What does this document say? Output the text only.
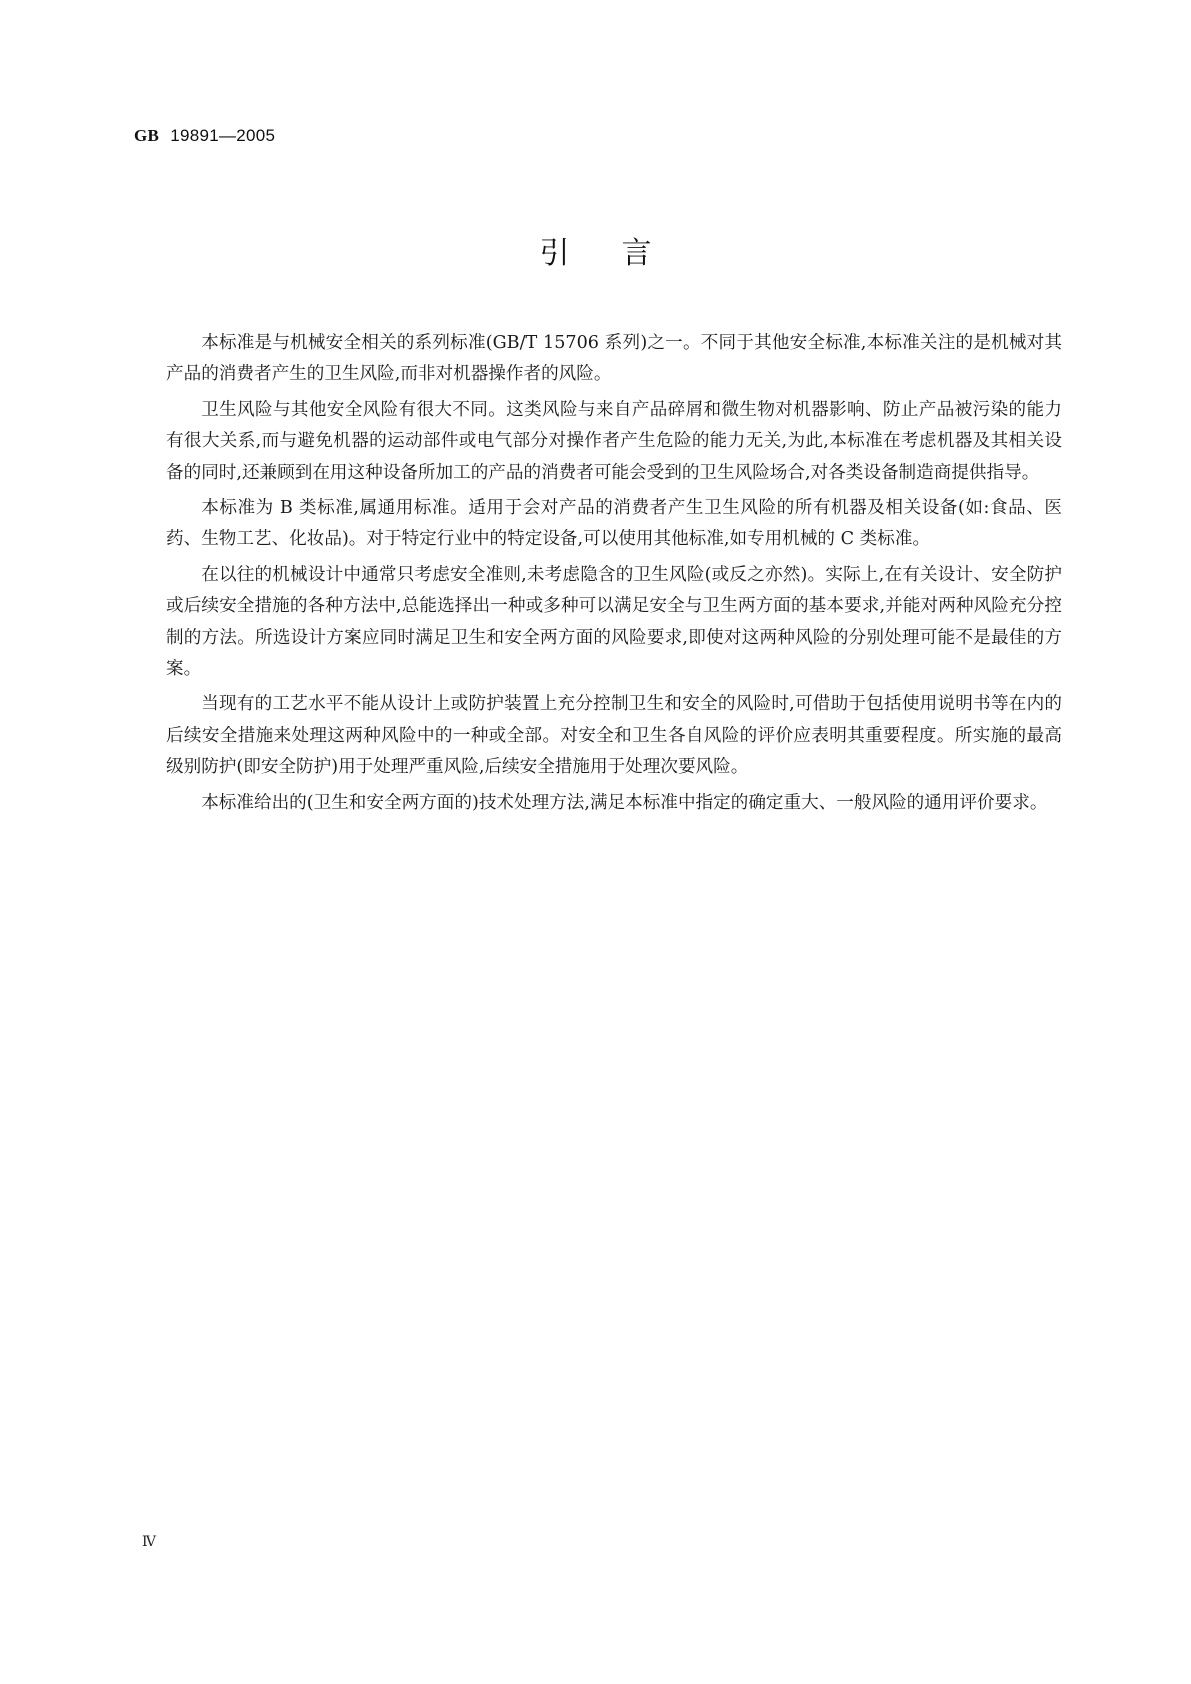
GB 19891—2005
引言

本标准是与机械安全相关的系列标准(GB/T 15706 系列)之一。不同于其他安全标准,本标准关注的是机械对其产品的消费者产生的卫生风险,而非对机器操作者的风险。

卫生风险与其他安全风险有很大不同。这类风险与来自产品碎屑和微生物对机器影响、防止产品被污染的能力有很大关系,而与避免机器的运动部件或电气部分对操作者产生危险的能力无关,为此,本标准在考虑机器及其相关设备的同时,还兼顾到在用这种设备所加工的产品的消费者可能会受到的卫生风险场合,对各类设备制造商提供指导。

本标准为 B 类标准,属通用标准。适用于会对产品的消费者产生卫生风险的所有机器及相关设备(如:食品、医药、生物工艺、化妆品)。对于特定行业中的特定设备,可以使用其他标准,如专用机械的 C 类标准。

在以往的机械设计中通常只考虑安全准则,未考虑隐含的卫生风险(或反之亦然)。实际上,在有关设计、安全防护或后续安全措施的各种方法中,总能选择出一种或多种可以满足安全与卫生两方面的基本要求,并能对两种风险充分控制的方法。所选设计方案应同时满足卫生和安全两方面的风险要求,即使对这两种风险的分别处理可能不是最佳的方案。

当现有的工艺水平不能从设计上或防护装置上充分控制卫生和安全的风险时,可借助于包括使用说明书等在内的后续安全措施来处理这两种风险中的一种或全部。对安全和卫生各自风险的评价应表明其重要程度。所实施的最高级别防护(即安全防护)用于处理严重风险,后续安全措施用于处理次要风险。

本标准给出的(卫生和安全两方面的)技术处理方法,满足本标准中指定的确定重大、一般风险的通用评价要求。

Ⅳ
